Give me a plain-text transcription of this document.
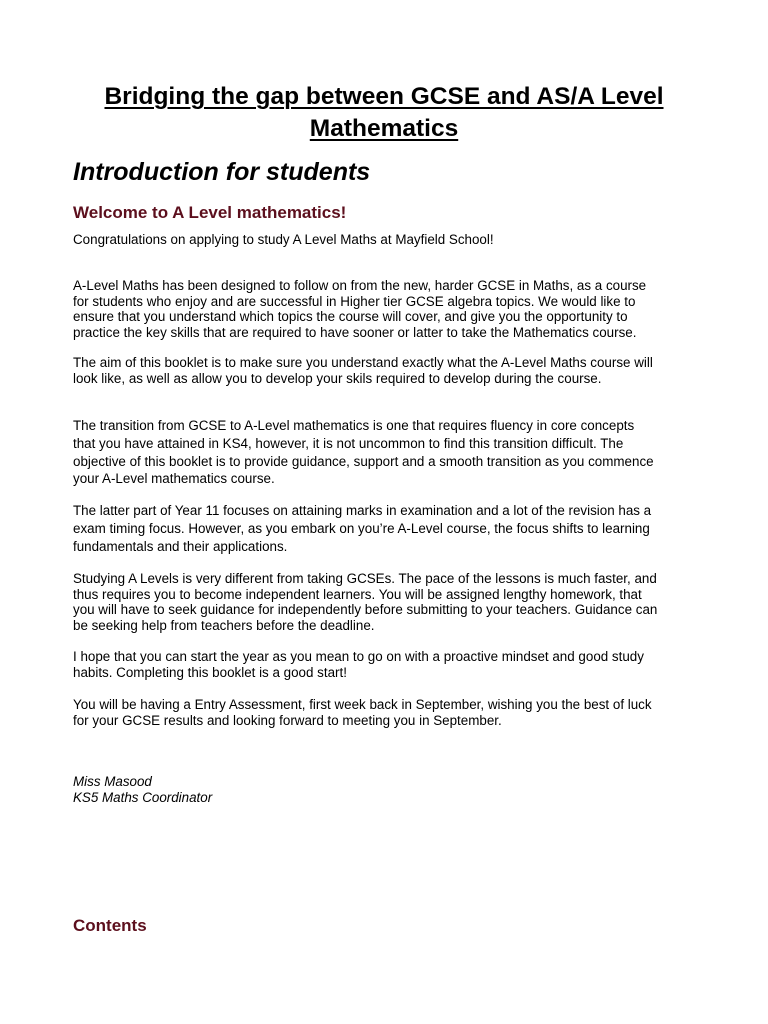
Bridging the gap between GCSE and AS/A Level Mathematics
Introduction for students
Welcome to A Level mathematics!
Congratulations on applying to study A Level Maths at Mayfield School!
A-Level Maths has been designed to follow on from the new, harder GCSE in Maths, as a course
for students who enjoy and are successful in Higher tier GCSE algebra topics. We would like to
ensure that you understand which topics the course will cover, and give you the opportunity to
practice the key skills that are required to have sooner or latter to take the Mathematics course.
The aim of this booklet is to make sure you understand exactly what the A-Level Maths course will
look like, as well as allow you to develop your skils required to develop during the course.
The transition from GCSE to A-Level mathematics is one that requires fluency in core concepts
that you have attained in KS4, however, it is not uncommon to find this transition difficult. The
objective of this booklet is to provide guidance, support and a smooth transition as you commence
your A-Level mathematics course.
The latter part of Year 11 focuses on attaining marks in examination and a lot of the revision has a
exam timing focus. However, as you embark on you’re A-Level course, the focus shifts to learning
fundamentals and their applications.
Studying A Levels is very different from taking GCSEs. The pace of the lessons is much faster, and
thus requires you to become independent learners. You will be assigned lengthy homework, that
you will have to seek guidance for independently before submitting to your teachers. Guidance can
be seeking help from teachers before the deadline.
I hope that you can start the year as you mean to go on with a proactive mindset and good study
habits. Completing this booklet is a good start!
You will be having a Entry Assessment, first week back in September, wishing you the best of luck
for your GCSE results and looking forward to meeting you in September.
Miss Masood
KS5 Maths Coordinator
Contents
